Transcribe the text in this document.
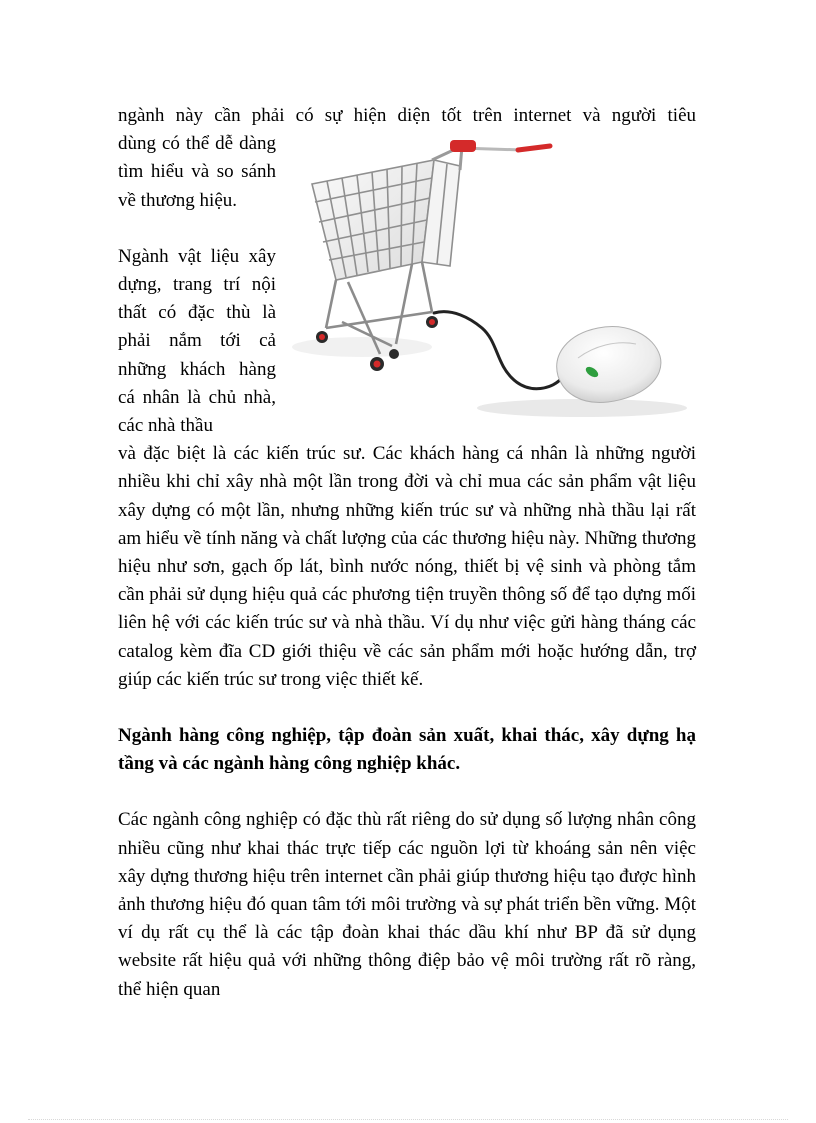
ngành này cần phải có sự hiện diện tốt trên internet và người tiêu

dùng có thể dễ dàng tìm hiểu và so sánh về thương hiệu.

Ngành vật liệu xây dựng, trang trí nội thất có đặc thù là phải nắm tới cả những khách hàng cá nhân là chủ nhà, các nhà thầu

và đặc biệt là các kiến trúc sư. Các khách hàng cá nhân là những người nhiều khi chỉ xây nhà một lần trong đời và chỉ mua các sản phẩm vật liệu xây dựng có một lần, nhưng những kiến trúc sư và những nhà thầu lại rất am hiểu về tính năng và chất lượng của các thương hiệu này. Những thương hiệu như sơn, gạch ốp lát, bình nước nóng, thiết bị vệ sinh và phòng tắm cần phải sử dụng hiệu quả các phương tiện truyền thông số để tạo dựng mối liên hệ với các kiến trúc sư và nhà thầu. Ví dụ như việc gửi hàng tháng các catalog kèm đĩa CD giới thiệu về các sản phẩm mới hoặc hướng dẫn, trợ giúp các kiến trúc sư trong việc thiết kế.

Ngành hàng công nghiệp, tập đoàn sản xuất, khai thác, xây dựng hạ tầng và các ngành hàng công nghiệp khác.

Các ngành công nghiệp có đặc thù rất riêng do sử dụng số lượng nhân công nhiều cũng như khai thác trực tiếp các nguồn lợi từ khoáng sản nên việc xây dựng thương hiệu trên internet cần phải giúp thương hiệu tạo được hình ảnh thương hiệu đó quan tâm tới môi trường và sự phát triển bền vững. Một ví dụ rất cụ thể là các tập đoàn khai thác dầu khí như BP đã sử dụng website rất hiệu quả với những thông điệp bảo vệ môi trường rất rõ ràng, thể hiện quan
